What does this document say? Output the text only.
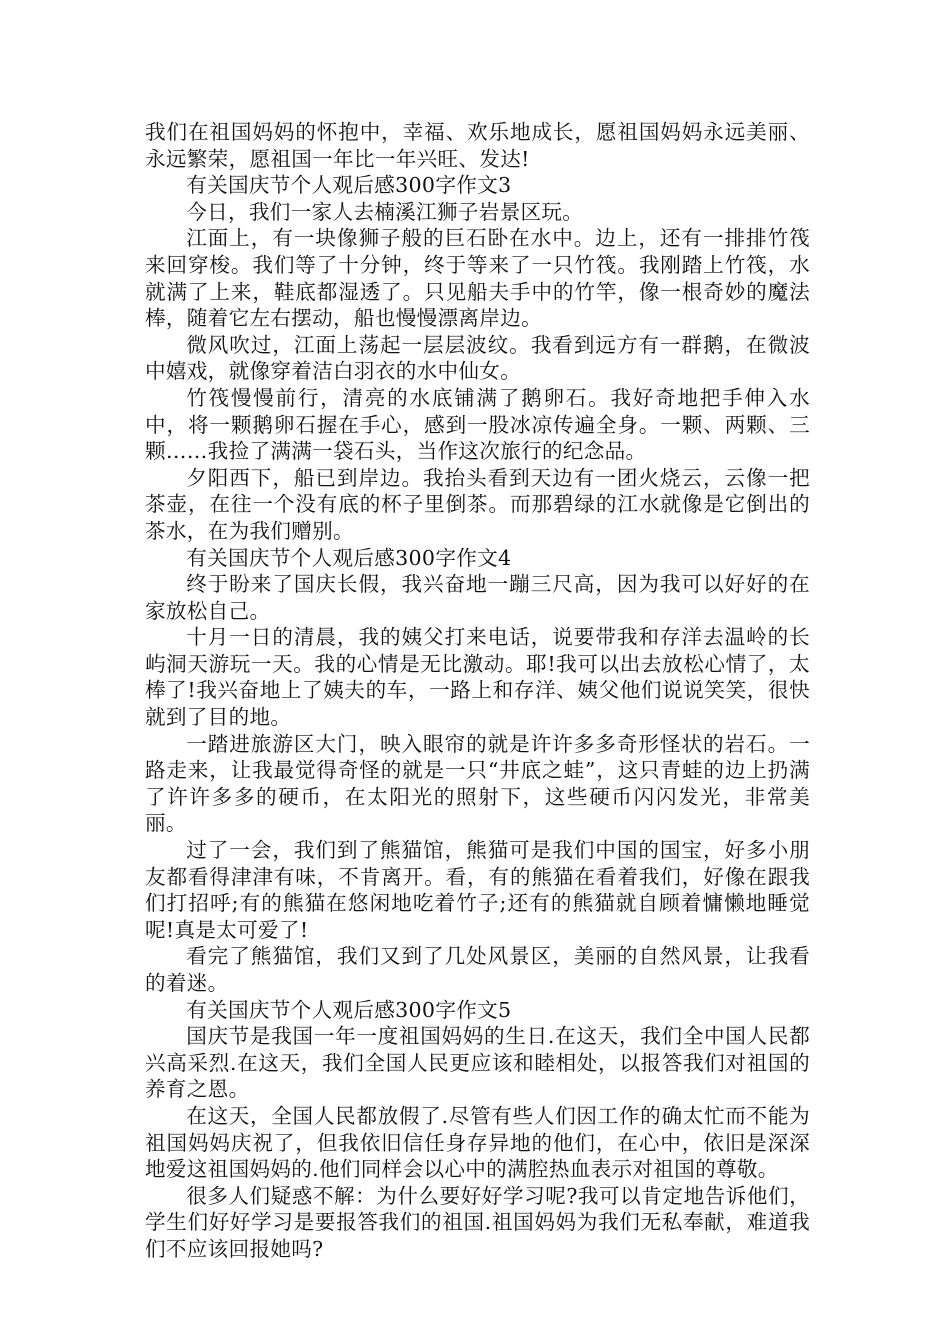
我们在祖国妈妈的怀抱中，幸福、欢乐地成长，愿祖国妈妈永远美丽、永远繁荣，愿祖国一年比一年兴旺、发达!

有关国庆节个人观后感300字作文3

今日，我们一家人去楠溪江狮子岩景区玩。

江面上，有一块像狮子般的巨石卧在水中。边上，还有一排排竹筏来回穿梭。我们等了十分钟，终于等来了一只竹筏。我刚踏上竹筏，水就满了上来，鞋底都湿透了。只见船夫手中的竹竿，像一根奇妙的魔法棒，随着它左右摆动，船也慢慢漂离岸边。

微风吹过，江面上荡起一层层波纹。我看到远方有一群鹅，在微波中嬉戏，就像穿着洁白羽衣的水中仙女。

竹筏慢慢前行，清亮的水底铺满了鹅卵石。我好奇地把手伸入水中，将一颗鹅卵石握在手心，感到一股冰凉传遍全身。一颗、两颗、三颗……我捡了满满一袋石头，当作这次旅行的纪念品。

夕阳西下，船已到岸边。我抬头看到天边有一团火烧云，云像一把茶壶，在往一个没有底的杯子里倒茶。而那碧绿的江水就像是它倒出的茶水，在为我们赠别。

有关国庆节个人观后感300字作文4

终于盼来了国庆长假，我兴奋地一蹦三尺高，因为我可以好好的在家放松自己。

十月一日的清晨，我的姨父打来电话，说要带我和存洋去温岭的长屿洞天游玩一天。我的心情是无比激动。耶!我可以出去放松心情了，太棒了!我兴奋地上了姨夫的车，一路上和存洋、姨父他们说说笑笑，很快就到了目的地。

一踏进旅游区大门，映入眼帘的就是许许多多奇形怪状的岩石。一路走来，让我最觉得奇怪的就是一只“井底之蛙”，这只青蛙的边上扔满了许许多多的硬币，在太阳光的照射下，这些硬币闪闪发光，非常美丽。

过了一会，我们到了熊猫馆，熊猫可是我们中国的国宝，好多小朋友都看得津津有味，不肯离开。看，有的熊猫在看着我们，好像在跟我们打招呼;有的熊猫在悠闲地吃着竹子;还有的熊猫就自顾着慵懒地睡觉呢!真是太可爱了!

看完了熊猫馆，我们又到了几处风景区，美丽的自然风景，让我看的着迷。

有关国庆节个人观后感300字作文5

国庆节是我国一年一度祖国妈妈的生日.在这天，我们全中国人民都兴高采烈.在这天，我们全国人民更应该和睦相处，以报答我们对祖国的养育之恩。

在这天，全国人民都放假了.尽管有些人们因工作的确太忙而不能为祖国妈妈庆祝了，但我依旧信任身存异地的他们，在心中，依旧是深深地爱这祖国妈妈的.他们同样会以心中的满腔热血表示对祖国的尊敬。

很多人们疑惑不解：为什么要好好学习呢?我可以肯定地告诉他们，学生们好好学习是要报答我们的祖国.祖国妈妈为我们无私奉献，难道我们不应该回报她吗?
